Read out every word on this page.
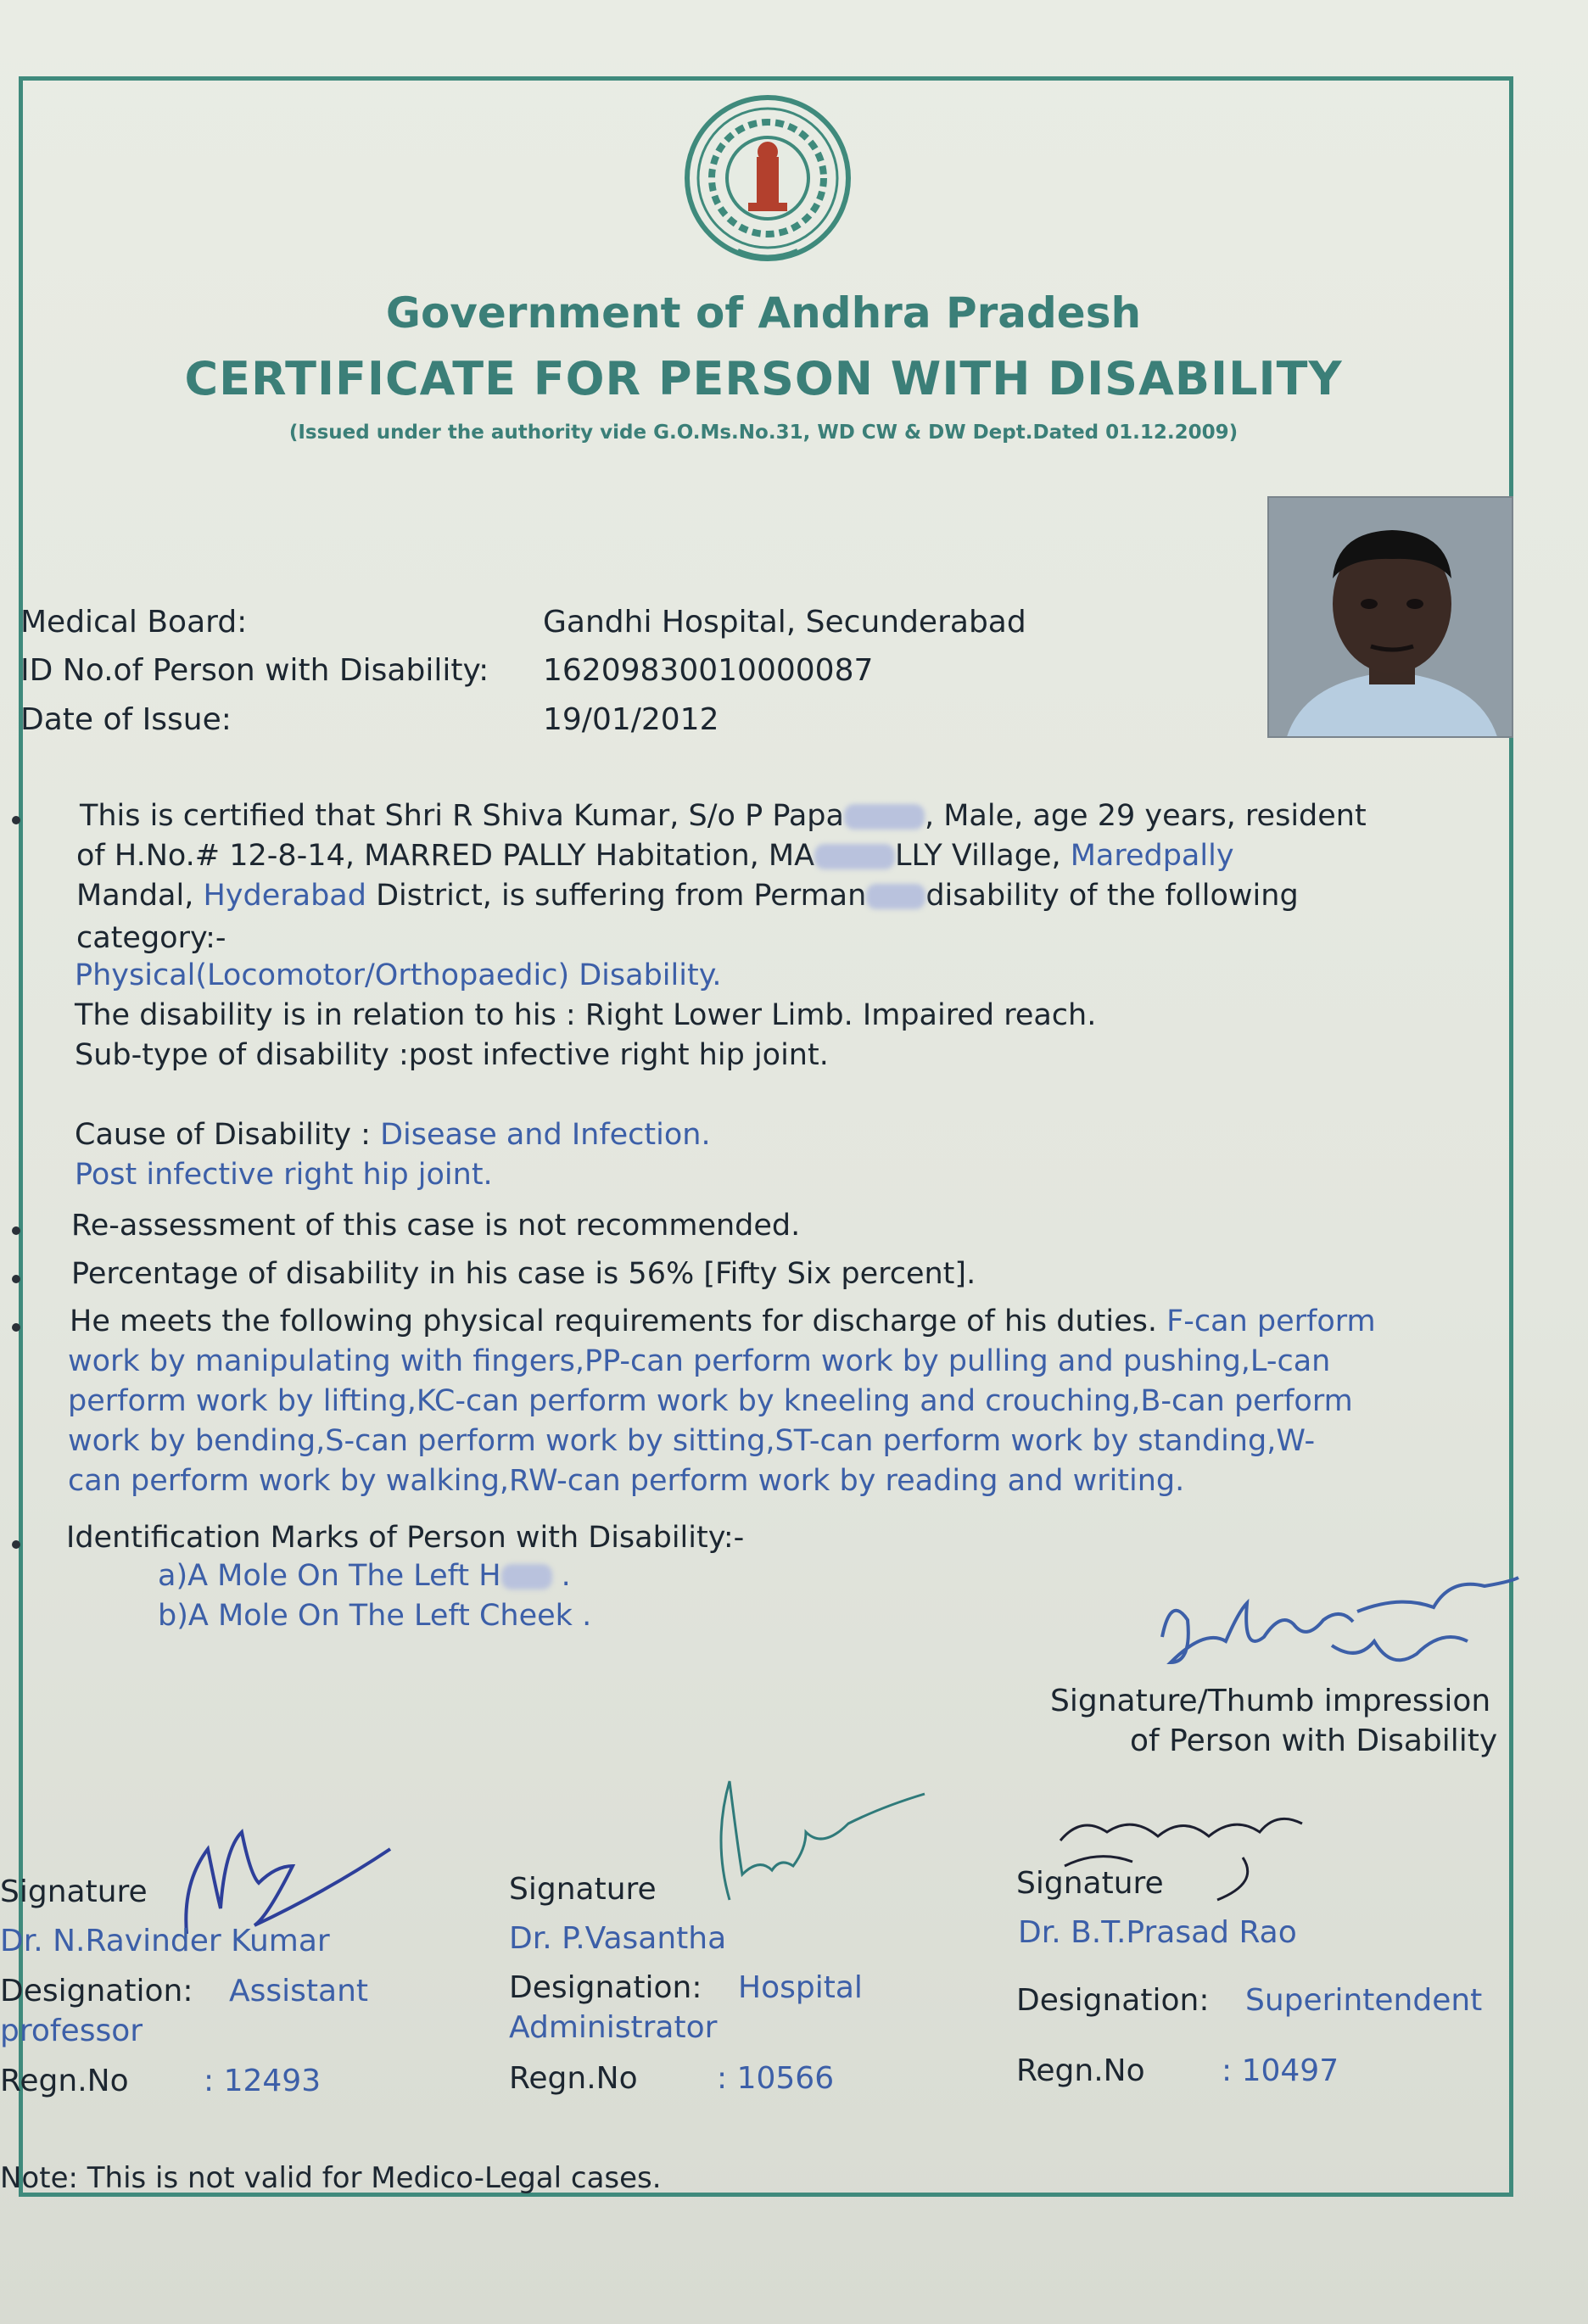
Government of Andhra Pradesh
CERTIFICATE FOR PERSON WITH DISABILITY
(Issued under the authority vide G.O.Ms.No.31, WD CW & DW Dept.Dated 01.12.2009)
Medical Board:	Gandhi Hospital, Secunderabad
ID No.of Person with Disability: 16209830010000087
Date of Issue:	19/01/2012
This is certified that Shri R Shiva Kumar, S/o P Papa	, Male, age 29 years, resident
of H.No.# 12-8-14, MARRED PALLY Habitation, MA	LLY Village, Maredpally
Mandal, Hyderabad District, is suffering from Perman disability of the following
category:-
Physical(Locomotor/Orthopaedic) Disability.
The disability is in relation to his : Right Lower Limb. Impaired reach.
Sub-type of disability :post infective right hip joint.
Cause of Disability : Disease and Infection.
Post infective right hip joint.
Re-assessment of this case is not recommended.
Percentage of disability in his case is 56% [Fifty Six percent].
He meets the following physical requirements for discharge of his duties. F-can perform
work by manipulating with fingers,PP-can perform work by pulling and pushing,L-can
perform work by lifting,KC-can perform work by kneeling and crouching,B-can perform
work by bending,S-can perform work by sitting,ST-can perform work by standing,W-
can perform work by walking,RW-can perform work by reading and writing.
Identification Marks of Person with Disability:-
a)A Mole On The Left H .
b)A Mole On The Left Cheek .
Signature/Thumb impression
of Person with Disability
Signature
Dr. N.Ravinder Kumar
Designation: Assistant
professor
Regn.No : 12493
Signature
Dr. P.Vasantha
Designation: Hospital
Administrator
Regn.No	: 10566
Signature
Dr. B.T.Prasad Rao
Designation: Superintendent
Regn.No	: 10497
Note: This is not valid for Medico-Legal cases.
